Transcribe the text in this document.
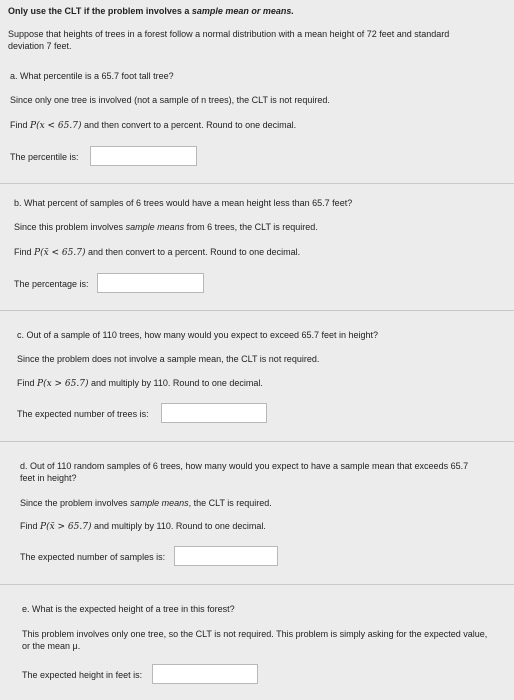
Only use the CLT if the problem involves a sample mean or means.
Suppose that heights of trees in a forest follow a normal distribution with a mean height of 72 feet and standard deviation 7 feet.
a. What percentile is a 65.7 foot tall tree?
Since only one tree is involved (not a sample of n trees), the CLT is not required.
Find P(x < 65.7) and then convert to a percent. Round to one decimal.
The percentile is:
b. What percent of samples of 6 trees would have a mean height less than 65.7 feet?
Since this problem involves sample means from 6 trees, the CLT is required.
Find P(x̄ < 65.7) and then convert to a percent. Round to one decimal.
The percentage is:
c. Out of a sample of 110 trees, how many would you expect to exceed 65.7 feet in height?
Since the problem does not involve a sample mean, the CLT is not required.
Find P(x > 65.7) and multiply by 110. Round to one decimal.
The expected number of trees is:
d. Out of 110 random samples of 6 trees, how many would you expect to have a sample mean that exceeds 65.7 feet in height?
Since the problem involves sample means, the CLT is required.
Find P(x̄ > 65.7) and multiply by 110. Round to one decimal.
The expected number of samples is:
e. What is the expected height of a tree in this forest?
This problem involves only one tree, so the CLT is not required. This problem is simply asking for the expected value, or the mean μ.
The expected height in feet is:
